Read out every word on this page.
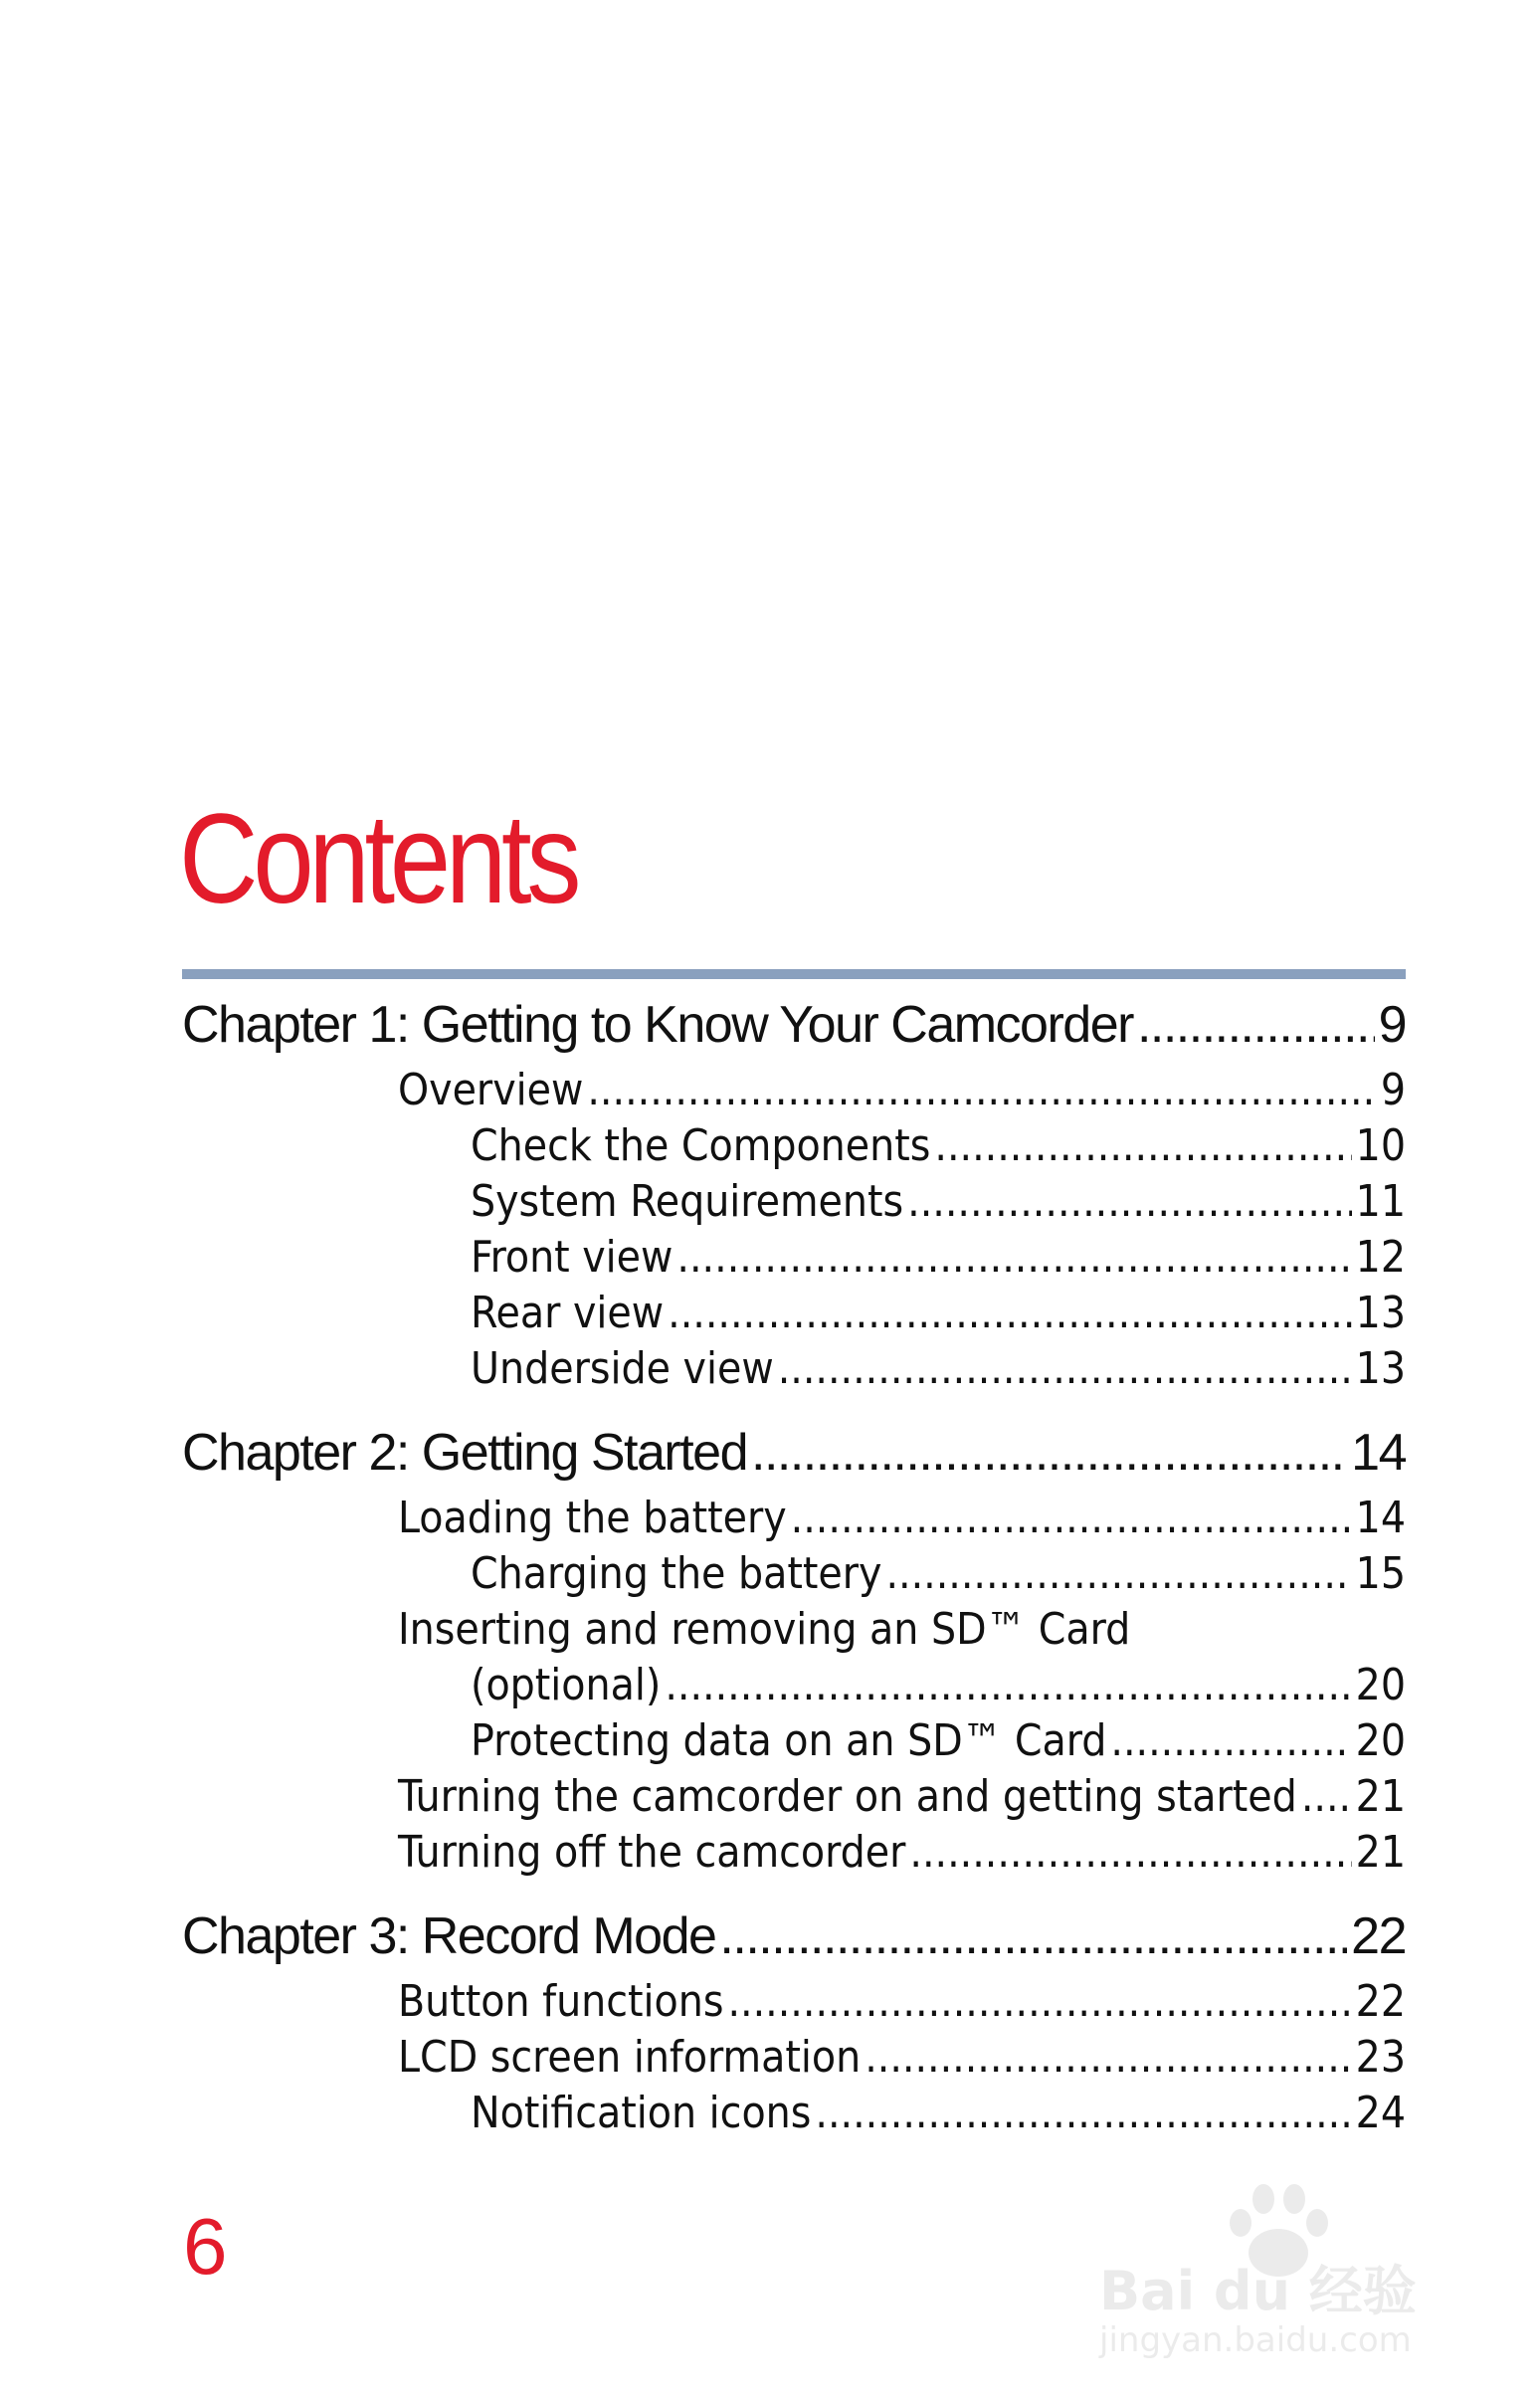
Contents
Chapter 1: Getting to Know Your Camcorder .....	9
Overview .....	9
Check the Components .....	10
System Requirements .....	11
Front view .....	12
Rear view .....	13
Underside view .....	13
Chapter 2: Getting Started .....	14
Loading the battery .....	14
Charging the battery .....	15
Inserting and removing an SD™ Card
(optional) .....	20
Protecting data on an SD™ Card .....	20
Turning the camcorder on and getting started ..... 21
Turning off the camcorder .....	21
Chapter 3: Record Mode .....	22
Button functions .....	22
LCD screen information .....	23
Notification icons .....	24
6
Bai du 经验
jingyan.baidu.com
